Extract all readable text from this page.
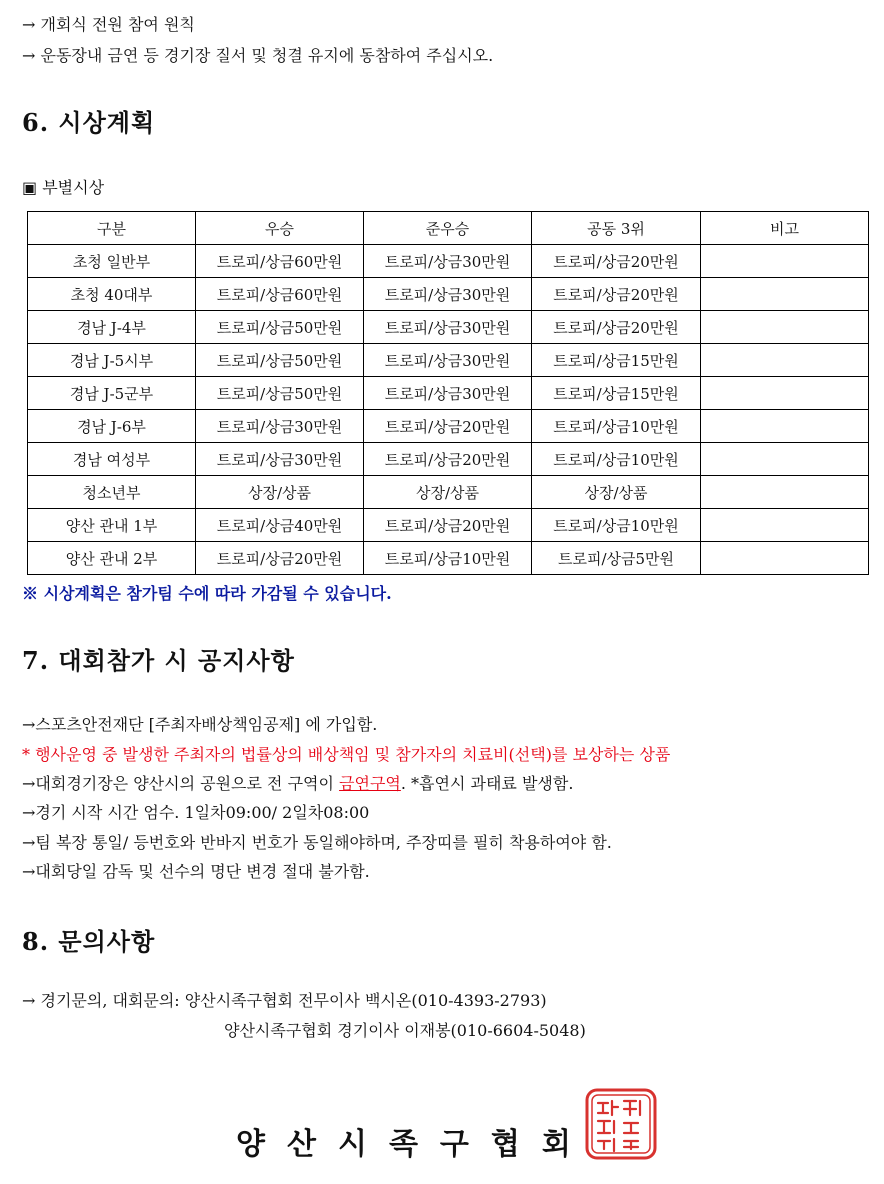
→ 개회식 전원 참여 원칙
→ 운동장내 금연 등 경기장 질서 및 청결 유지에 동참하여 주십시오.
6. 시상계획
▣ 부별시상
구분	우승	준우승	공동 3위	비고
초청 일반부	트로피/상금60만원	트로피/상금30만원	트로피/상금20만원	
초청 40대부	트로피/상금60만원	트로피/상금30만원	트로피/상금20만원	
경남 J-4부	트로피/상금50만원	트로피/상금30만원	트로피/상금20만원	
경남 J-5시부	트로피/상금50만원	트로피/상금30만원	트로피/상금15만원	
경남 J-5군부	트로피/상금50만원	트로피/상금30만원	트로피/상금15만원	
경남 J-6부	트로피/상금30만원	트로피/상금20만원	트로피/상금10만원	
경남 여성부	트로피/상금30만원	트로피/상금20만원	트로피/상금10만원	
청소년부	상장/상품	상장/상품	상장/상품	
양산 관내 1부	트로피/상금40만원	트로피/상금20만원	트로피/상금10만원	
양산 관내 2부	트로피/상금20만원	트로피/상금10만원	트로피/상금5만원	
※ 시상계획은 참가팀 수에 따라 가감될 수 있습니다.
7. 대회참가 시 공지사항
→스포츠안전재단 [주최자배상책임공제] 에 가입함.
* 행사운영 중 발생한 주최자의 법률상의 배상책임 및 참가자의 치료비(선택)를 보상하는 상품
→대회경기장은 양산시의 공원으로 전 구역이 금연구역. *흡연시 과태료 발생함.
→경기 시작 시간 엄수. 1일차09:00/ 2일차08:00
→팀 복장 통일/ 등번호와 반바지 번호가 동일해야하며, 주장띠를 필히 착용하여야 함.
→대회당일 감독 및 선수의 명단 변경 절대 불가함.
8. 문의사항
→ 경기문의, 대회문의: 양산시족구협회 전무이사 백시온(010-4393-2793)
양산시족구협회 경기이사 이재봉(010-6604-5048)
양산시족구협회
